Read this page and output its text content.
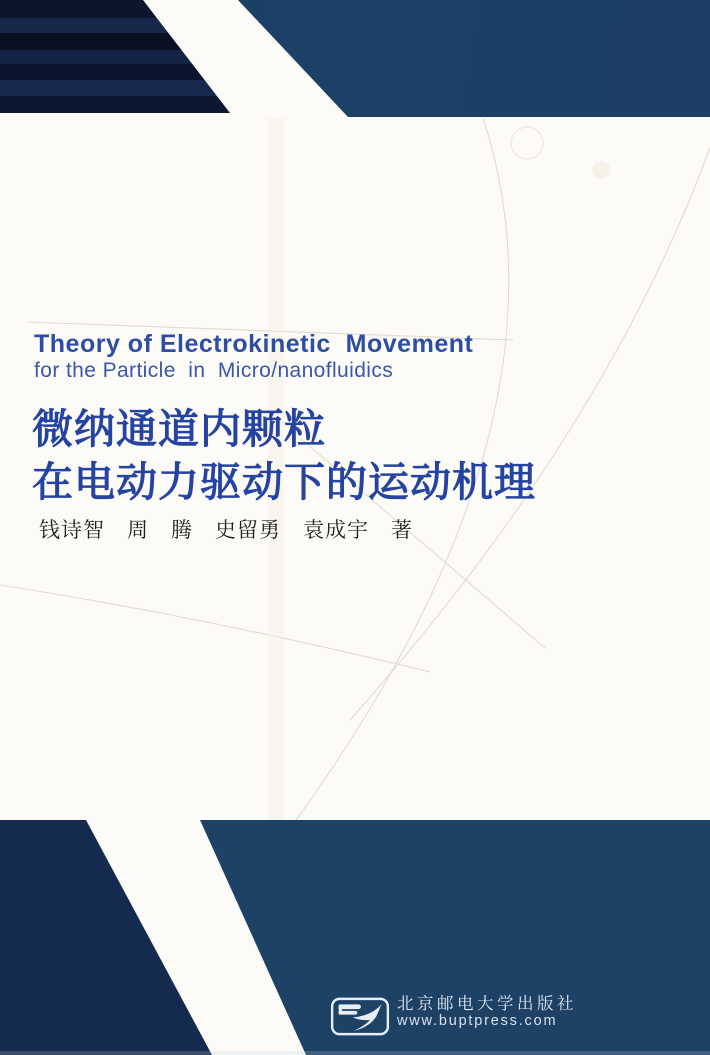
Theory of Electrokinetic  Movement
for the Particle  in  Micro/nanofluidics
微纳通道内颗粒
在电动力驱动下的运动机理
钱诗智　周　腾　史留勇　袁成宇　著
北京邮电大学出版社
www.buptpress.com
